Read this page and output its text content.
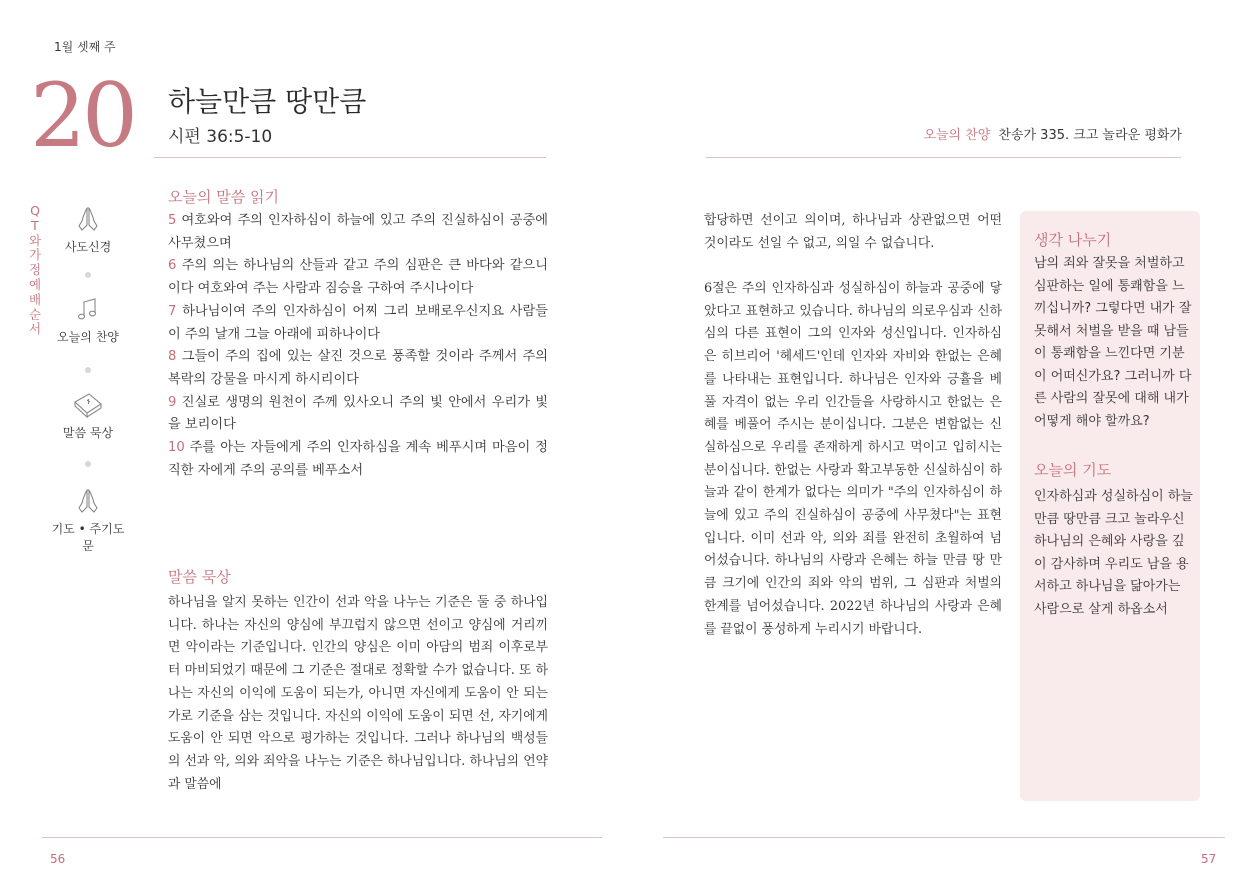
1월 셋째 주
20 하늘만큼 땅만큼
시편 36:5-10	오늘의 찬양 찬송가 335. 크고 놀라운 평화가
QT와 가정예배 순서
사도신경
오늘의 찬양
말씀 묵상
기도 • 주기도문
오늘의 말씀 읽기
5 여호와여 주의 인자하심이 하늘에 있고 주의 진실하심이 공중에 사무쳤으며
6 주의 의는 하나님의 산들과 같고 주의 심판은 큰 바다와 같으니이다 여호와여 주는 사람과 짐승을 구하여 주시나이다
7 하나님이여 주의 인자하심이 어찌 그리 보배로우신지요 사람들이 주의 날개 그늘 아래에 피하나이다
8 그들이 주의 집에 있는 살진 것으로 풍족할 것이라 주께서 주의 복락의 강물을 마시게 하시리이다
9 진실로 생명의 원천이 주께 있사오니 주의 빛 안에서 우리가 빛을 보리이다
10 주를 아는 자들에게 주의 인자하심을 계속 베푸시며 마음이 정직한 자에게 주의 공의를 베푸소서
말씀 묵상
하나님을 알지 못하는 인간이 선과 악을 나누는 기준은 둘 중 하나입니다. 하나는 자신의 양심에 부끄럽지 않으면 선이고 양심에 거리끼면 악이라는 기준입니다. 인간의 양심은 이미 아담의 범죄 이후로부터 마비되었기 때문에 그 기준은 절대로 정확할 수가 없습니다. 또 하나는 자신의 이익에 도움이 되는가, 아니면 자신에게 도움이 안 되는가로 기준을 삼는 것입니다. 자신의 이익에 도움이 되면 선, 자기에게 도움이 안 되면 악으로 평가하는 것입니다. 그러나 하나님의 백성들의 선과 악, 의와 죄악을 나누는 기준은 하나님입니다. 하나님의 언약과 말씀에
합당하면 선이고 의이며, 하나님과 상관없으면 어떤 것이라도 선일 수 없고, 의일 수 없습니다.
6절은 주의 인자하심과 성실하심이 하늘과 공중에 닿았다고 표현하고 있습니다. 하나님의 의로우심과 신하심의 다른 표현이 그의 인자와 성신입니다. 인자하심은 히브리어 '헤세드'인데 인자와 자비와 한없는 은혜를 나타내는 표현입니다. 하나님은 인자와 긍휼을 베풀 자격이 없는 우리 인간들을 사랑하시고 한없는 은혜를 베풀어 주시는 분이십니다. 그분은 변함없는 신실하심으로 우리를 존재하게 하시고 먹이고 입히시는 분이십니다. 한없는 사랑과 확고부동한 신실하심이 하늘과 같이 한계가 없다는 의미가 "주의 인자하심이 하늘에 있고 주의 진실하심이 공중에 사무쳤다"는 표현입니다. 이미 선과 악, 의와 죄를 완전히 초월하여 넘어섰습니다. 하나님의 사랑과 은혜는 하늘 만큼 땅 만큼 크기에 인간의 죄와 악의 범위, 그 심판과 처벌의 한계를 넘어섰습니다. 2022년 하나님의 사랑과 은혜를 끝없이 풍성하게 누리시기 바랍니다.
생각 나누기
남의 죄와 잘못을 처벌하고 심판하는 일에 통쾌함을 느끼십니까? 그렇다면 내가 잘못해서 처벌을 받을 때 남들이 통쾌함을 느낀다면 기분이 어떠신가요? 그러니까 다른 사람의 잘못에 대해 내가 어떻게 해야 할까요?
오늘의 기도
인자하심과 성실하심이 하늘만큼 땅만큼 크고 놀라우신 하나님의 은혜와 사랑을 깊이 감사하며 우리도 남을 용서하고 하나님을 닮아가는 사람으로 살게 하옵소서
56	57
